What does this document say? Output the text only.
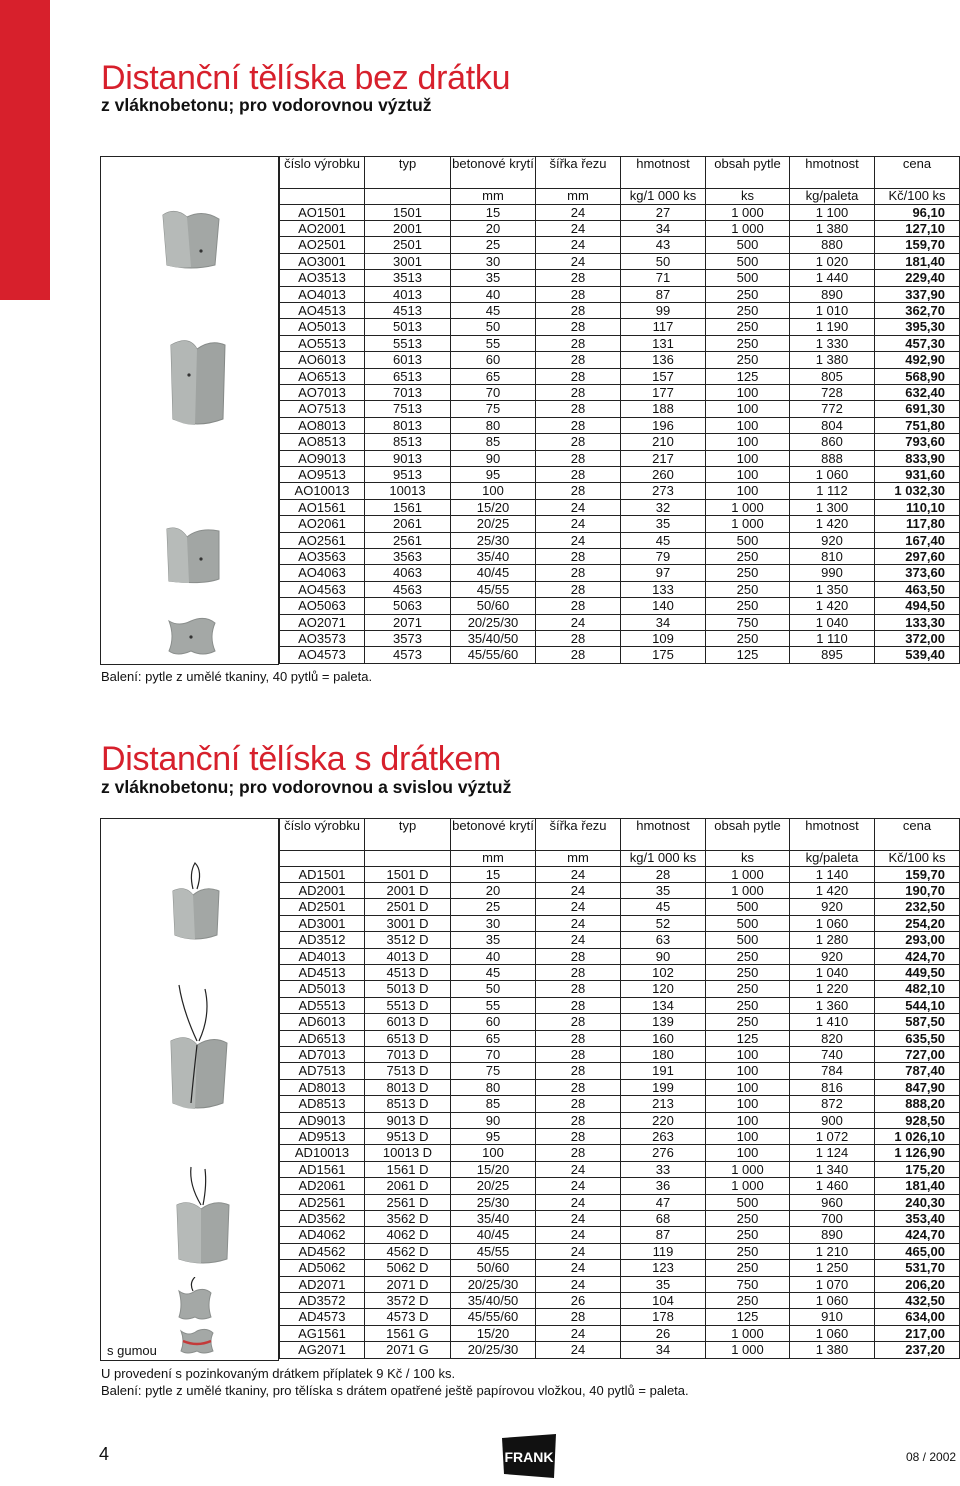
Distanční tělíska bez drátku
z vláknobetonu; pro vodorovnou výztuž
číslo výrobku	typ	betonové krytí	šířka řezu	hmotnost	obsah pytle	hmotnost	cena
		mm	mm	kg/1 000 ks	ks	kg/paleta	Kč/100 ks
AO1501	1501	15	24	27	1 000	1 100	96,10
AO2001	2001	20	24	34	1 000	1 380	127,10
AO2501	2501	25	24	43	500	880	159,70
AO3001	3001	30	24	50	500	1 020	181,40
AO3513	3513	35	28	71	500	1 440	229,40
AO4013	4013	40	28	87	250	890	337,90
AO4513	4513	45	28	99	250	1 010	362,70
AO5013	5013	50	28	117	250	1 190	395,30
AO5513	5513	55	28	131	250	1 330	457,30
AO6013	6013	60	28	136	250	1 380	492,90
AO6513	6513	65	28	157	125	805	568,90
AO7013	7013	70	28	177	100	728	632,40
AO7513	7513	75	28	188	100	772	691,30
AO8013	8013	80	28	196	100	804	751,80
AO8513	8513	85	28	210	100	860	793,60
AO9013	9013	90	28	217	100	888	833,90
AO9513	9513	95	28	260	100	1 060	931,60
AO10013	10013	100	28	273	100	1 112	1 032,30
AO1561	1561	15/20	24	32	1 000	1 300	110,10
AO2061	2061	20/25	24	35	1 000	1 420	117,80
AO2561	2561	25/30	24	45	500	920	167,40
AO3563	3563	35/40	28	79	250	810	297,60
AO4063	4063	40/45	28	97	250	990	373,60
AO4563	4563	45/55	28	133	250	1 350	463,50
AO5063	5063	50/60	28	140	250	1 420	494,50
AO2071	2071	20/25/30	24	34	750	1 040	133,30
AO3573	3573	35/40/50	28	109	250	1 110	372,00
AO4573	4573	45/55/60	28	175	125	895	539,40

Balení: pytle z umělé tkaniny, 40 pytlů = paleta.

Distanční tělíska s drátkem
z vláknobetonu; pro vodorovnou a svislou výztuž
s gumou
číslo výrobku	typ	betonové krytí	šířka řezu	hmotnost	obsah pytle	hmotnost	cena
		mm	mm	kg/1 000 ks	ks	kg/paleta	Kč/100 ks
AD1501	1501 D	15	24	28	1 000	1 140	159,70
AD2001	2001 D	20	24	35	1 000	1 420	190,70
AD2501	2501 D	25	24	45	500	920	232,50
AD3001	3001 D	30	24	52	500	1 060	254,20
AD3512	3512 D	35	24	63	500	1 280	293,00
AD4013	4013 D	40	28	90	250	920	424,70
AD4513	4513 D	45	28	102	250	1 040	449,50
AD5013	5013 D	50	28	120	250	1 220	482,10
AD5513	5513 D	55	28	134	250	1 360	544,10
AD6013	6013 D	60	28	139	250	1 410	587,50
AD6513	6513 D	65	28	160	125	820	635,50
AD7013	7013 D	70	28	180	100	740	727,00
AD7513	7513 D	75	28	191	100	784	787,40
AD8013	8013 D	80	28	199	100	816	847,90
AD8513	8513 D	85	28	213	100	872	888,20
AD9013	9013 D	90	28	220	100	900	928,50
AD9513	9513 D	95	28	263	100	1 072	1 026,10
AD10013	10013 D	100	28	276	100	1 124	1 126,90
AD1561	1561 D	15/20	24	33	1 000	1 340	175,20
AD2061	2061 D	20/25	24	36	1 000	1 460	181,40
AD2561	2561 D	25/30	24	47	500	960	240,30
AD3562	3562 D	35/40	24	68	250	700	353,40
AD4062	4062 D	40/45	24	87	250	890	424,70
AD4562	4562 D	45/55	24	119	250	1 210	465,00
AD5062	5062 D	50/60	24	123	250	1 250	531,70
AD2071	2071 D	20/25/30	24	35	750	1 070	206,20
AD3572	3572 D	35/40/50	26	104	250	1 060	432,50
AD4573	4573 D	45/55/60	28	178	125	910	634,00
AG1561	1561 G	15/20	24	26	1 000	1 060	217,00
AG2071	2071 G	20/25/30	24	34	1 000	1 380	237,20

U provedení s pozinkovaným drátkem příplatek 9 Kč / 100 ks.

Balení: pytle z umělé tkaniny, pro tělíska s drátem opatřené ještě papírovou vložkou, 40 pytlů = paleta.

4	FRANK	08 / 2002
